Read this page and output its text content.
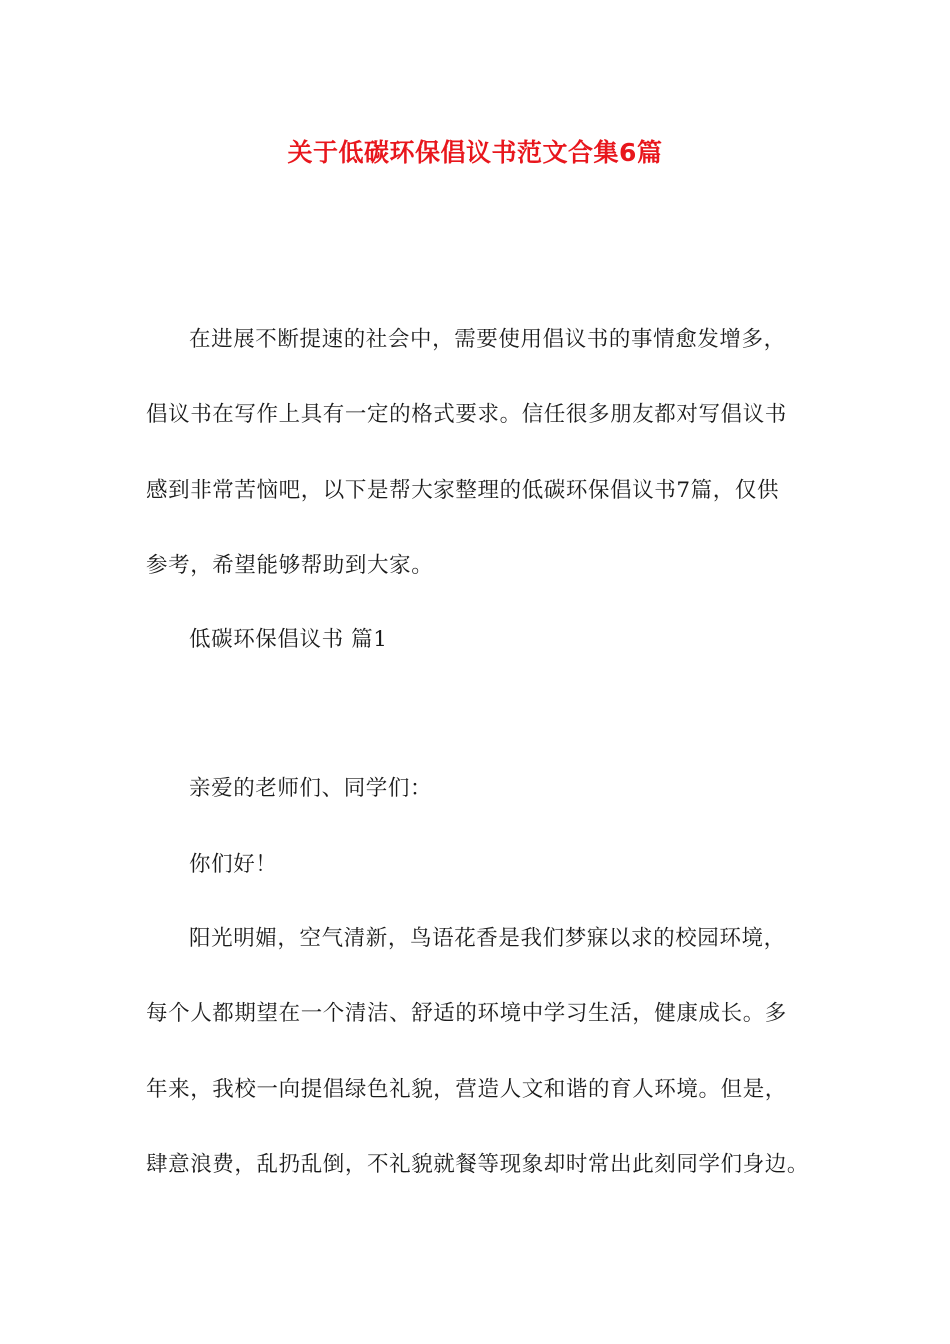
关于低碳环保倡议书范文合集6篇
在进展不断提速的社会中，需要使用倡议书的事情愈发增多，
倡议书在写作上具有一定的格式要求。信任很多朋友都对写倡议书
感到非常苦恼吧，以下是帮大家整理的低碳环保倡议书7篇，仅供
参考，希望能够帮助到大家。
低碳环保倡议书 篇1
亲爱的老师们、同学们：
你们好！
阳光明媚，空气清新，鸟语花香是我们梦寐以求的校园环境，
每个人都期望在一个清洁、舒适的环境中学习生活，健康成长。多
年来，我校一向提倡绿色礼貌，营造人文和谐的育人环境。但是，
肆意浪费，乱扔乱倒，不礼貌就餐等现象却时常出此刻同学们身边。
